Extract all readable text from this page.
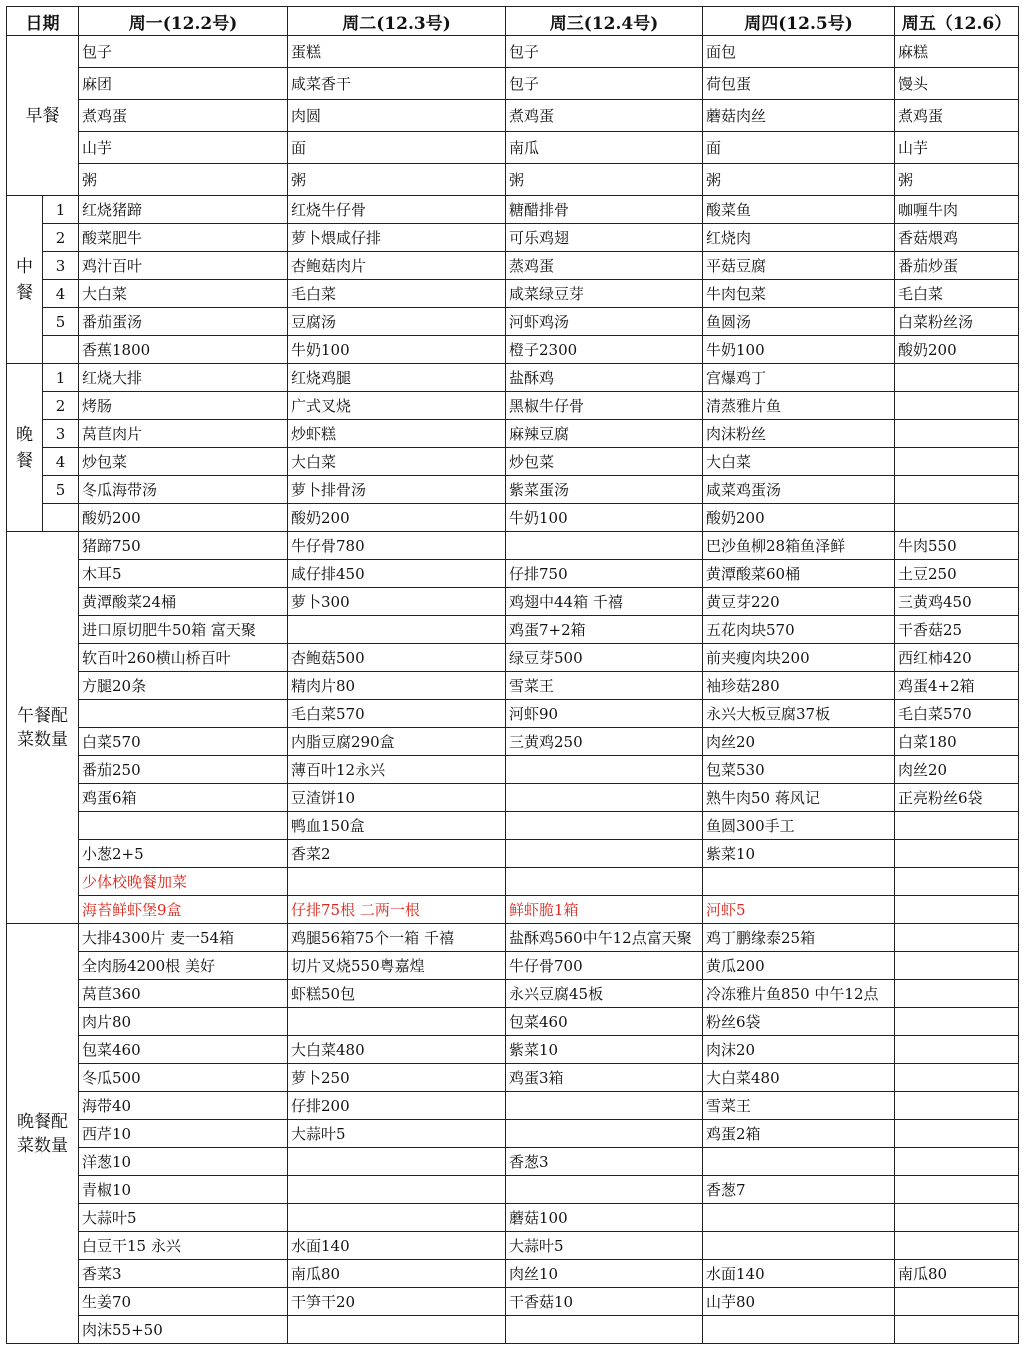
日期		周一(12.2号)	周二(12.3号)	周三(12.4号)	周四(12.5号)	周五（12.6）
早餐		包子	蛋糕	包子	面包	麻糕
		麻团	咸菜香干	包子	荷包蛋	馒头
		煮鸡蛋	肉圆	煮鸡蛋	蘑菇肉丝	煮鸡蛋
		山芋	面	南瓜	面	山芋
		粥	粥	粥	粥	粥

中
餐	1	红烧猪蹄	红烧牛仔骨	糖醋排骨	酸菜鱼	咖喱牛肉
	2	酸菜肥牛	萝卜煨咸仔排	可乐鸡翅	红烧肉	香菇煨鸡
	3	鸡汁百叶	杏鲍菇肉片	蒸鸡蛋	平菇豆腐	番茄炒蛋
	4	大白菜	毛白菜	咸菜绿豆芽	牛肉包菜	毛白菜
	5	番茄蛋汤	豆腐汤	河虾鸡汤	鱼圆汤	白菜粉丝汤
		香蕉1800	牛奶100	橙子2300	牛奶100	酸奶200

晚
餐	1	红烧大排	红烧鸡腿	盐酥鸡	宫爆鸡丁	
	2	烤肠	广式叉烧	黑椒牛仔骨	清蒸雅片鱼	
	3	莴苣肉片	炒虾糕	麻辣豆腐	肉沫粉丝	
	4	炒包菜	大白菜	炒包菜	大白菜	
	5	冬瓜海带汤	萝卜排骨汤	紫菜蛋汤	咸菜鸡蛋汤	
		酸奶200	酸奶200	牛奶100	酸奶200	

午餐配
菜数量		猪蹄750	牛仔骨780		巴沙鱼柳28箱鱼泽鲜	牛肉550
		木耳5	咸仔排450	仔排750	黄潭酸菜60桶	土豆250
		黄潭酸菜24桶	萝卜300	鸡翅中44箱 千禧	黄豆芽220	三黄鸡450
		进口原切肥牛50箱 富天聚		鸡蛋7+2箱	五花肉块570	干香菇25
		软百叶260横山桥百叶	杏鲍菇500	绿豆芽500	前夹瘦肉块200	西红柿420
		方腿20条	精肉片80	雪菜王	袖珍菇280	鸡蛋4+2箱
			毛白菜570	河虾90	永兴大板豆腐37板	毛白菜570
		白菜570	内脂豆腐290盒	三黄鸡250	肉丝20	白菜180
		番茄250	薄百叶12永兴		包菜530	肉丝20
		鸡蛋6箱	豆渣饼10		熟牛肉50 蒋风记	正亮粉丝6袋
			鸭血150盒		鱼圆300手工	
		小葱2+5	香菜2		紫菜10	
		少体校晚餐加菜				
		海苔鲜虾堡9盒	仔排75根 二两一根	鲜虾脆1箱	河虾5	

晚餐配
菜数量		大排4300片 麦一54箱	鸡腿56箱75个一箱 千禧	盐酥鸡560中午12点富天聚	鸡丁鹏缘泰25箱	
		全肉肠4200根 美好	切片叉烧550粤嘉煌	牛仔骨700	黄瓜200	
		莴苣360	虾糕50包	永兴豆腐45板	冷冻雅片鱼850 中午12点	
		肉片80		包菜460	粉丝6袋	
		包菜460	大白菜480	紫菜10	肉沫20	
		冬瓜500	萝卜250	鸡蛋3箱	大白菜480	
		海带40	仔排200		雪菜王	
		西芹10	大蒜叶5		鸡蛋2箱	
		洋葱10		香葱3		
		青椒10			香葱7	
		大蒜叶5		蘑菇100		
		白豆干15 永兴	水面140	大蒜叶5		
		香菜3	南瓜80	肉丝10	水面140	南瓜80
		生姜70	干笋干20	干香菇10	山芋80	
		肉沫55+50				
